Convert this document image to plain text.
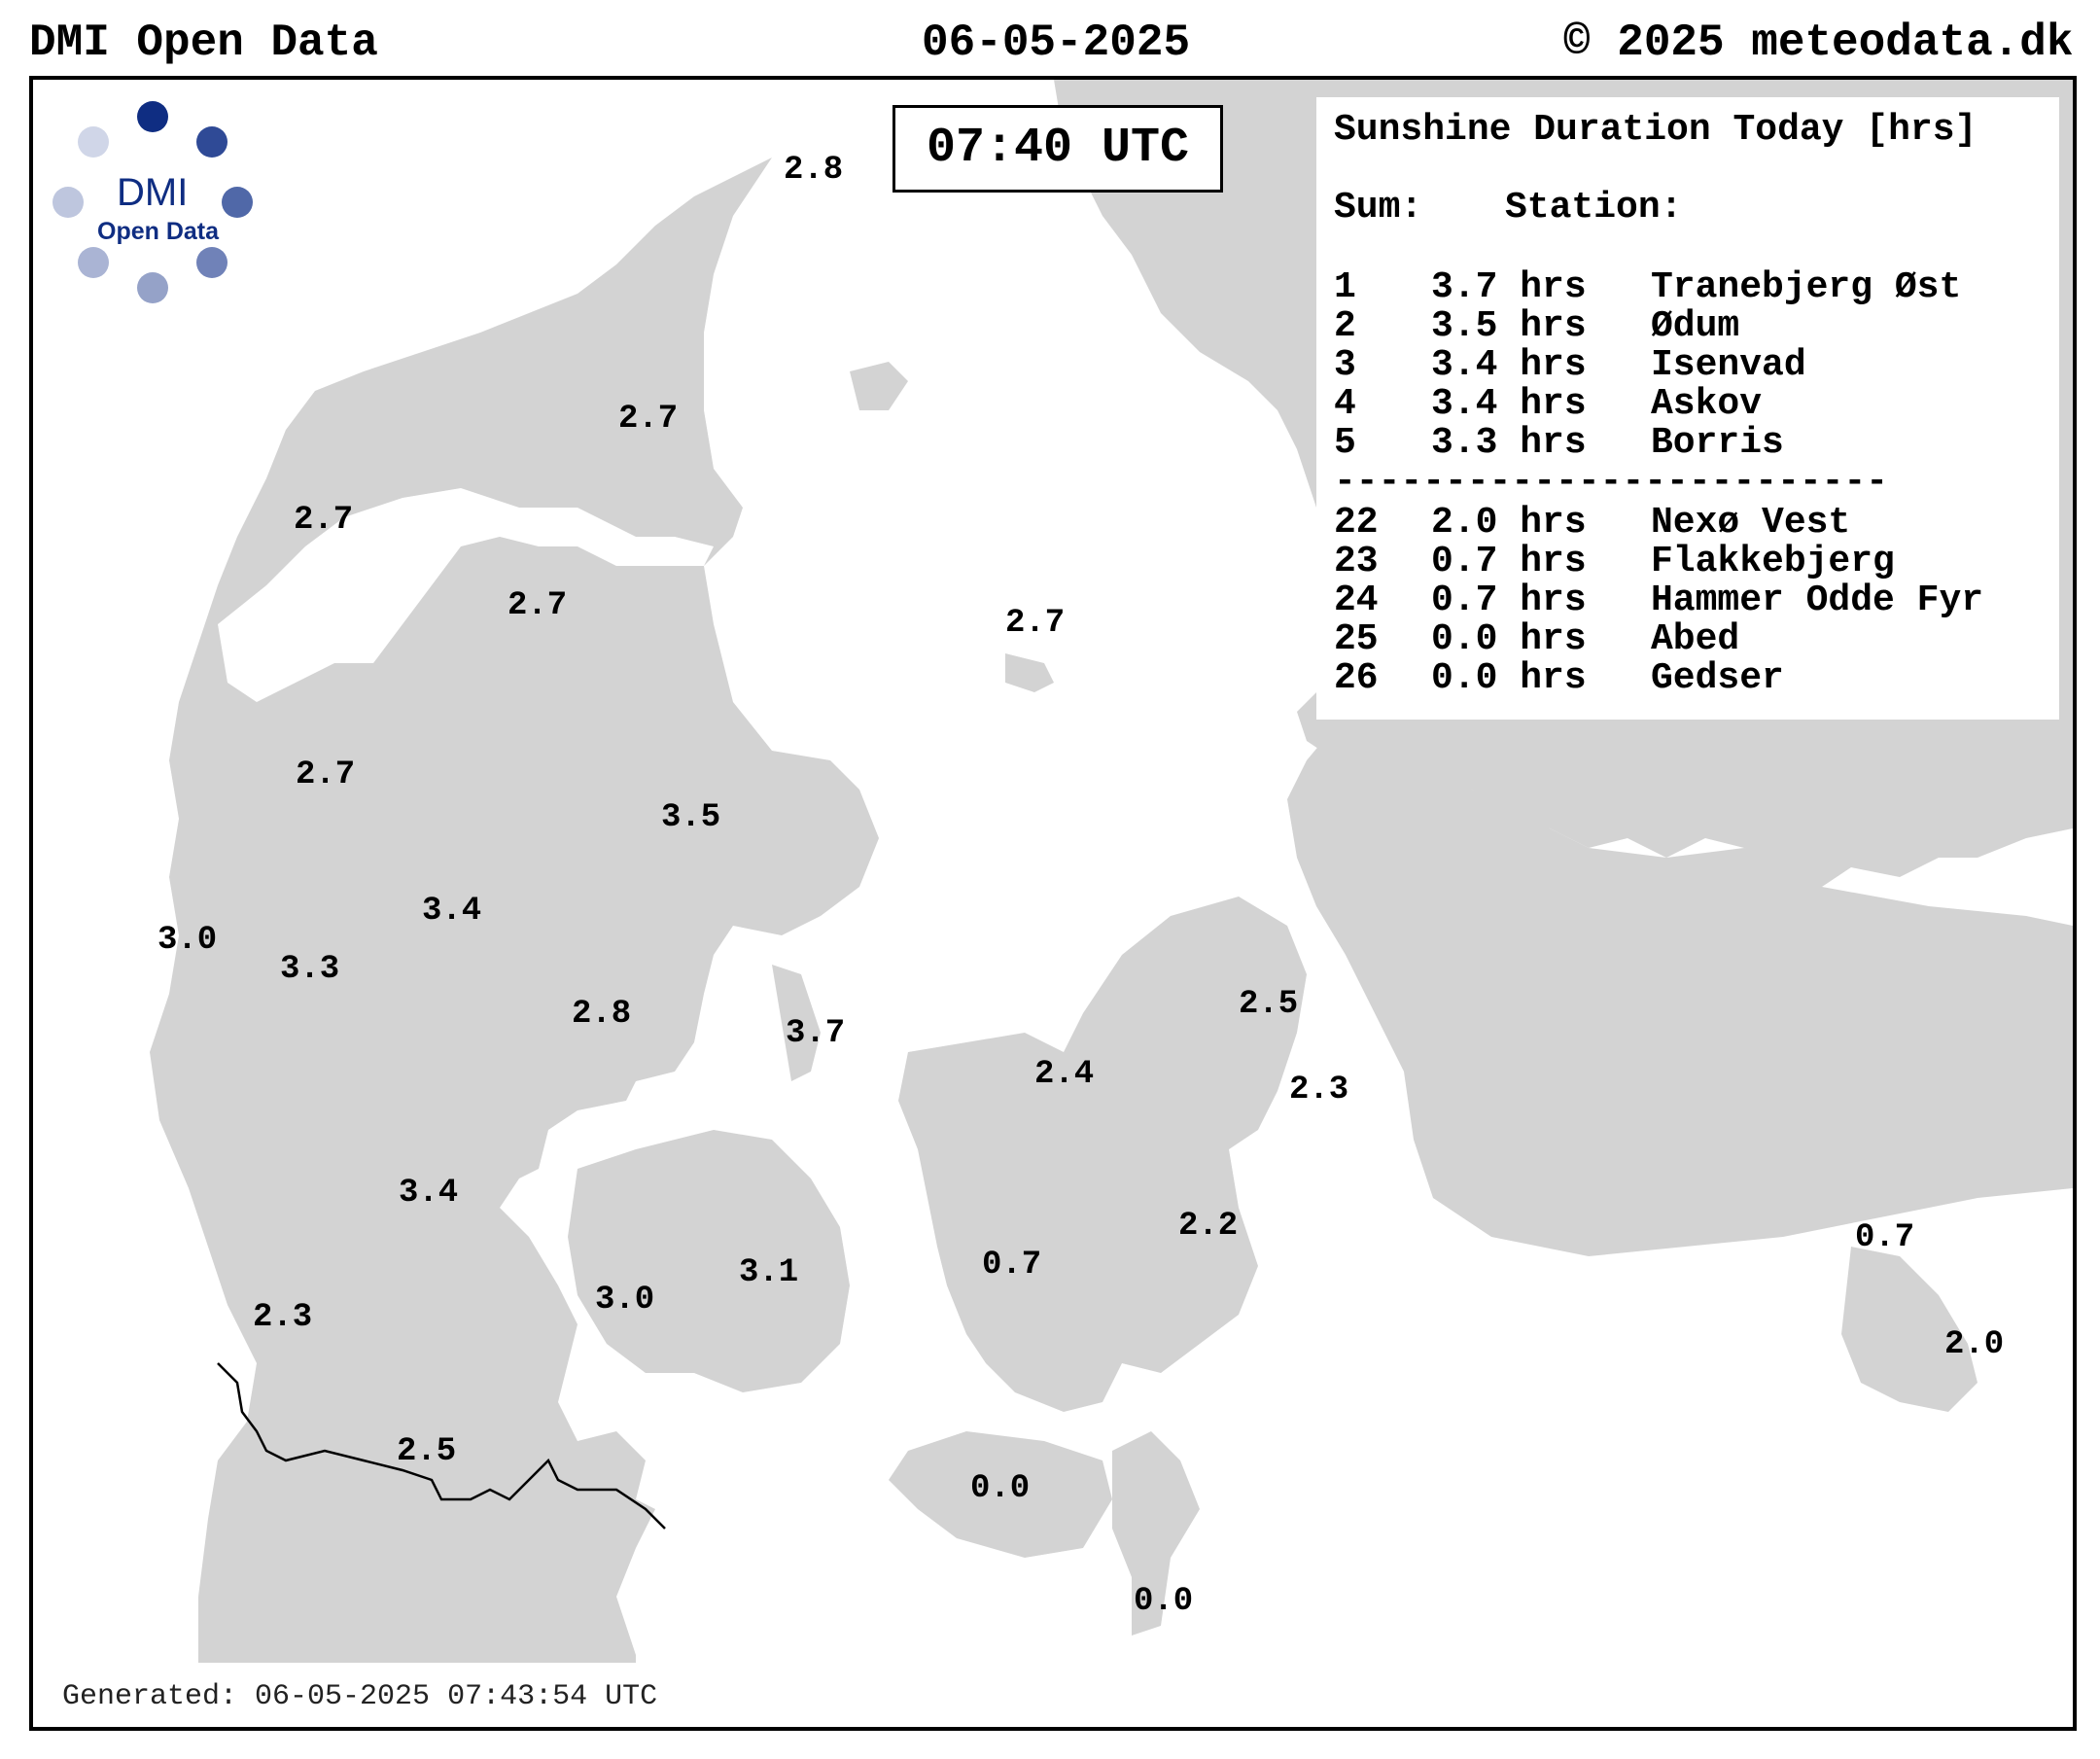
DMI Open Data	06-05-2025	© 2025 meteodata.dk
2.8
2.7
2.7
2.7	2.7
2.7
3.5
3.4
3.0
3.3
2.8
3.7
2.4
2.5
2.3
3.4
2.2
0.7
3.1
3.0
2.3
2.5
0.7
2.0
0.0
0.0
DMI
Open Data
07:40 UTC	Sunshine Duration Today [hrs]
Sum: Station:
1 3.7 hrs Tranebjerg Øst
2 3.5 hrs Ødum
3 3.4 hrs Isenvad
4 3.4 hrs Askov
5 3.3 hrs Borris
-------------------------
22 2.0 hrs Nexø Vest
23 0.7 hrs Flakkebjerg
24 0.7 hrs Hammer Odde Fyr
25 0.0 hrs Abed
26 0.0 hrs Gedser
Generated: 06-05-2025 07:43:54 UTC
